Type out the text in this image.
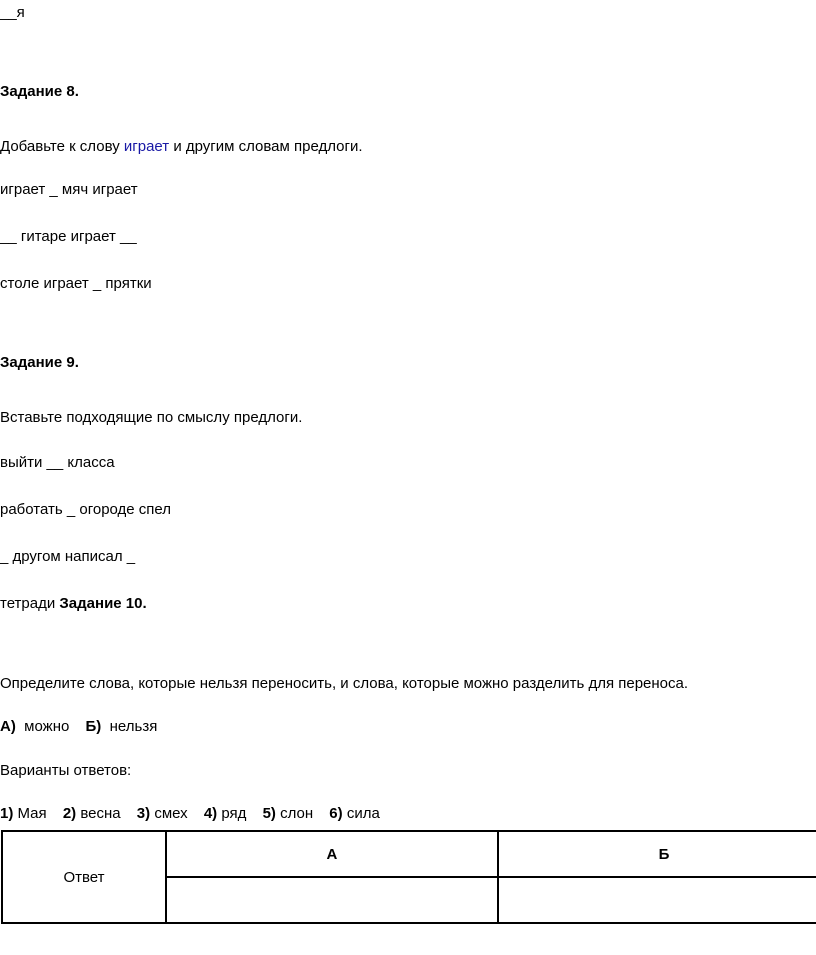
__я
Задание 8.
Добавьте к слову играет и другим словам предлоги.
играет _ мяч играет
__ гитаре играет __
столе играет _ прятки
Задание 9.
Вставьте подходящие по смыслу предлоги.
выйти __ класса
работать _ огороде спел
_ другом написал _
тетради Задание 10.
Определите слова, которые нельзя переносить, и слова, которые можно разделить для переноса.
А) можно Б) нельзя
Варианты ответов:
1) Мая 2) весна 3) смех 4) ряд 5) слон 6) сила
Ответ	А	Б
